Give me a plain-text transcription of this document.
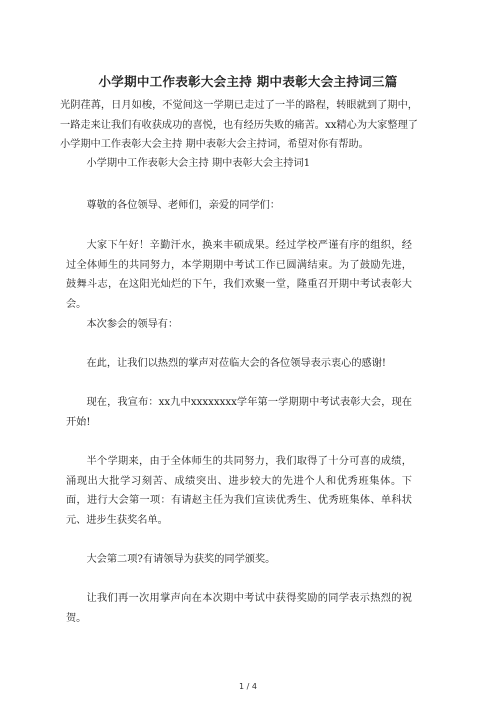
小学期中工作表彰大会主持 期中表彰大会主持词三篇

光阴荏苒，日月如梭，不觉间这一学期已走过了一半的路程，转眼就到了期中，一路走来让我们有收获成功的喜悦，也有经历失败的痛苦。xx精心为大家整理了小学期中工作表彰大会主持 期中表彰大会主持词，希望对你有帮助。

小学期中工作表彰大会主持 期中表彰大会主持词1

尊敬的各位领导、老师们，亲爱的同学们：

大家下午好！辛勤汗水，换来丰硕成果。经过学校严谨有序的组织，经过全体师生的共同努力，本学期期中考试工作已圆满结束。为了鼓励先进，鼓舞斗志，在这阳光灿烂的下午，我们欢聚一堂，隆重召开期中考试表彰大会。

本次参会的领导有：

在此，让我们以热烈的掌声对莅临大会的各位领导表示衷心的感谢!

现在，我宣布：xx九中xxxxxxxx学年第一学期期中考试表彰大会，现在开始!

半个学期来，由于全体师生的共同努力，我们取得了十分可喜的成绩，涌现出大批学习刻苦、成绩突出、进步较大的先进个人和优秀班集体。下面，进行大会第一项：有请赵主任为我们宣读优秀生、优秀班集体、单科状元、进步生获奖名单。

大会第二项?有请领导为获奖的同学颁奖。

让我们再一次用掌声向在本次期中考试中获得奖励的同学表示热烈的祝贺。

1 / 4
